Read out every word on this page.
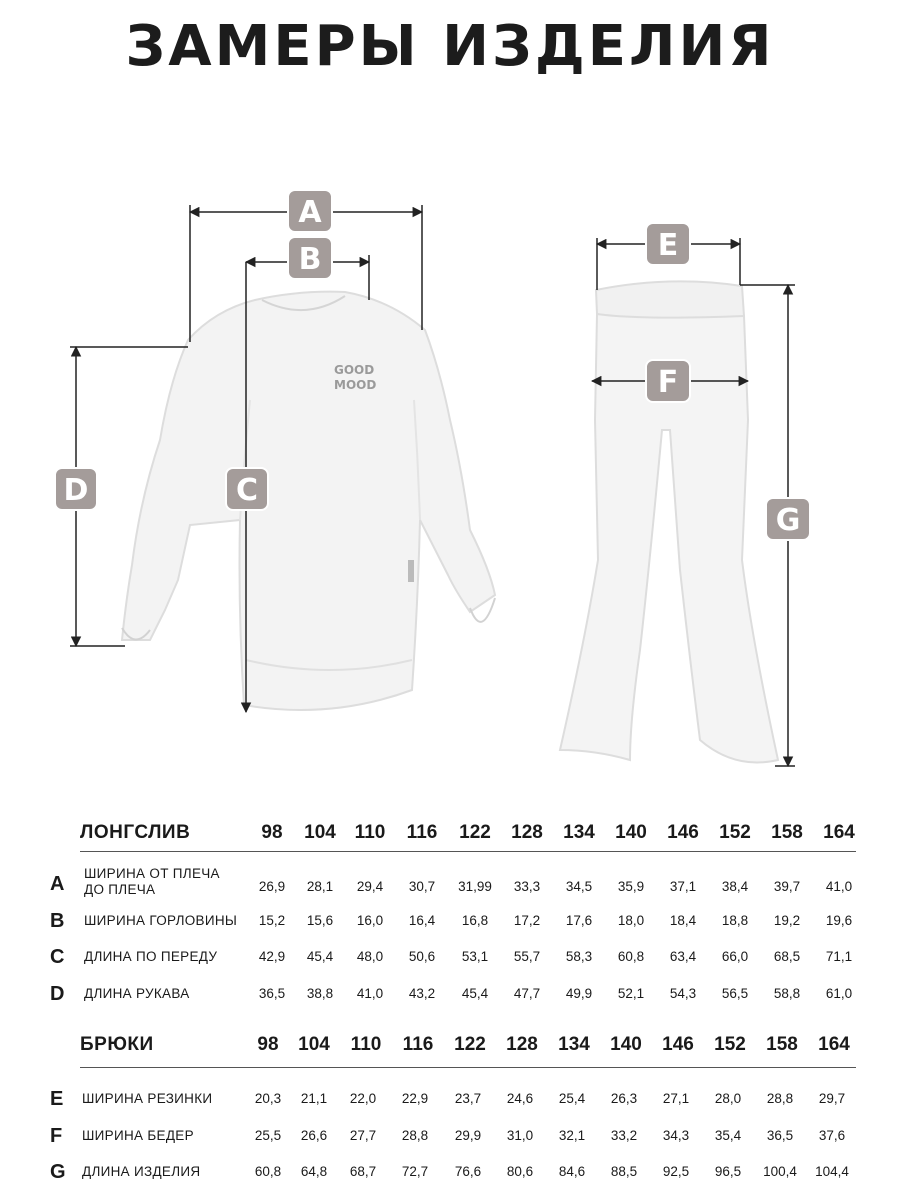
ЗАМЕРЫ ИЗДЕЛИЯ
GOOD
MOOD
A
B
C
D
E
F
G
ЛОНГСЛИВ	98	104 110	116	122	128	134	140	146	152	158	164
A	ШИРИНА ОТ ПЛЕЧА
ДО ПЛЕЧА	26,9	28,1	29,4	30,7	31,99	33,3	34,5	35,9	37,1	38,4	39,7	41,0
B	ШИРИНА ГОРЛОВИНЫ	15,2	15,6	16,0	16,4	16,8	17,2	17,6	18,0	18,4	18,8	19,2	19,6
C	ДЛИНА ПО ПЕРЕДУ	42,9	45,4	48,0	50,6	53,1	55,7	58,3	60,8	63,4	66,0	68,5	71,1
D	ДЛИНА РУКАВА	36,5	38,8	41,0	43,2	45,4	47,7	49,9	52,1	54,3	56,5	58,8	61,0
БРЮКИ	98	104	110	116	122	128	134	140	146	152	158	164
E	ШИРИНА РЕЗИНКИ	20,3	21,1	22,0	22,9	23,7	24,6	25,4	26,3	27,1	28,0	28,8	29,7
F	ШИРИНА БЕДЕР	25,5	26,6	27,7	28,8	29,9	31,0	32,1	33,2	34,3	35,4	36,5	37,6
G	ДЛИНА ИЗДЕЛИЯ	60,8	64,8	68,7	72,7	76,6	80,6	84,6	88,5	92,5	96,5	100,4	104,4
